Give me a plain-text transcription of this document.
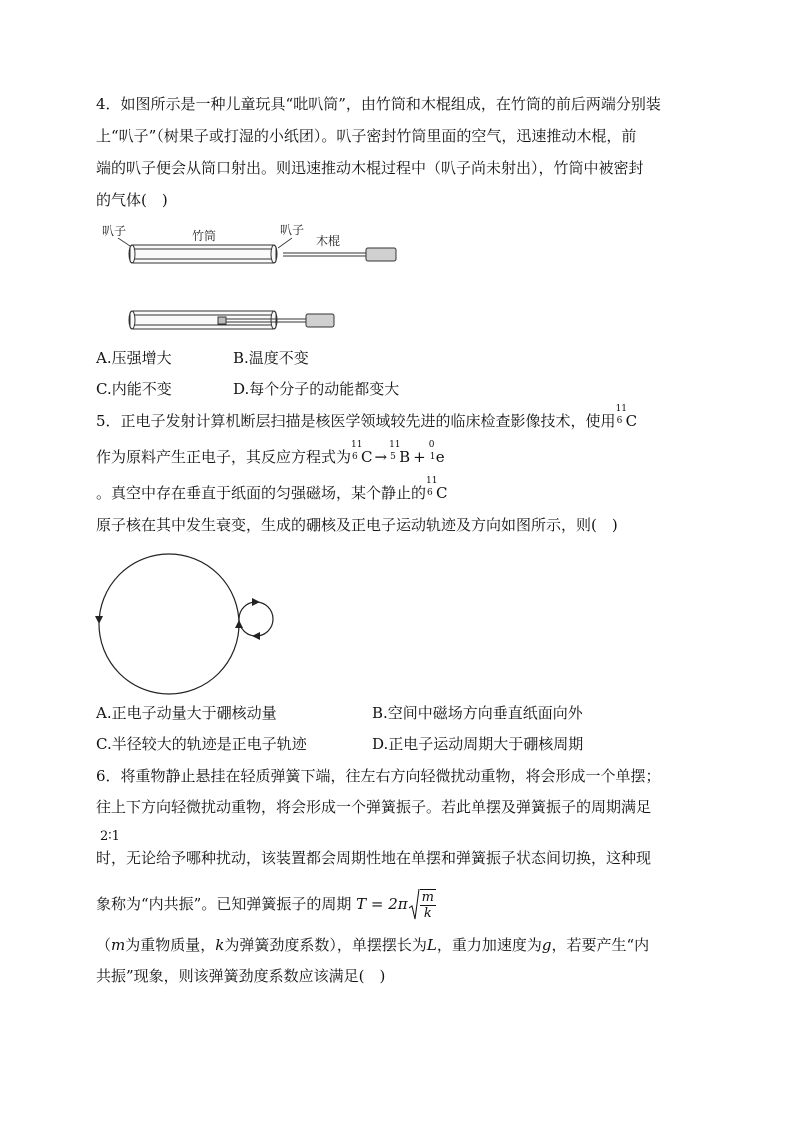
4．如图所示是一种儿童玩具“吡叭筒”，由竹筒和木棍组成，在竹筒的前后两端分别装
上“叭子”（树果子或打湿的小纸团）。叭子密封竹筒里面的空气，迅速推动木棍，前
端的叭子便会从筒口射出。则迅速推动木棍过程中（叭子尚未射出），竹筒中被密封
的气体(　)
叭子	竹筒	叭子
木棍
A.压强增大	B.温度不变
C.内能不变	D.每个分子的动能都变大
5．正电子发射计算机断层扫描是核医学领域较先进的临床检查影像技术，使用
11
6 C
作为原料产生正电子，其反应方程式为
11
6 C →
11
5 B +
0
1 e
。真空中存在垂直于纸面的匀强磁场，某个静止的
11
6 C
原子核在其中发生衰变，生成的硼核及正电子运动轨迹及方向如图所示，则(　)
A.正电子动量大于硼核动量	B.空间中磁场方向垂直纸面向外
C.半径较大的轨迹是正电子轨迹	D.正电子运动周期大于硼核周期
6．将重物静止悬挂在轻质弹簧下端，往左右方向轻微扰动重物，将会形成一个单摆；
往上下方向轻微扰动重物，将会形成一个弹簧振子。若此单摆及弹簧振子的周期满足
2∶1
时，无论给予哪种扰动，该装置都会周期性地在单摆和弹簧振子状态间切换，这种现
象称为“内共振”。已知弹簧振子的周期 $T = 2\pi \frac{m}{k}$
（m为重物质量，k为弹簧劲度系数），单摆摆长为L，重力加速度为g，若要产生“内
共振”现象，则该弹簧劲度系数应该满足(　)
